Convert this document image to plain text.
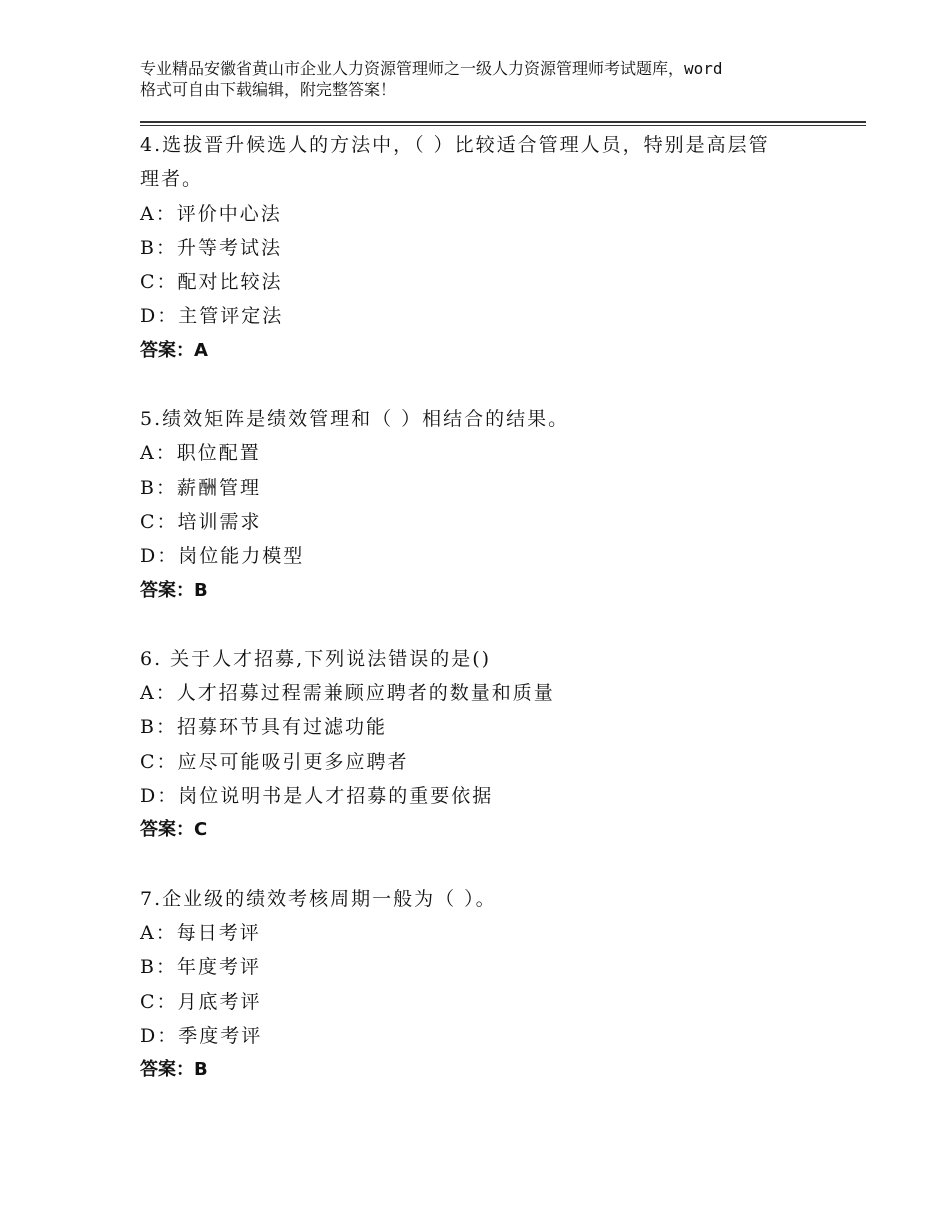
专业精品安徽省黄山市企业人力资源管理师之一级人力资源管理师考试题库，word
格式可自由下载编辑，附完整答案！
4.选拔晋升候选人的方法中，（ ）比较适合管理人员，特别是高层管
理者。
A：评价中心法
B：升等考试法
C：配对比较法
D：主管评定法
答案：A
5.绩效矩阵是绩效管理和（ ）相结合的结果。
A：职位配置
B：薪酬管理
C：培训需求
D：岗位能力模型
答案：B
6. 关于人才招募,下列说法错误的是()
A：人才招募过程需兼顾应聘者的数量和质量
B：招募环节具有过滤功能
C：应尽可能吸引更多应聘者
D：岗位说明书是人才招募的重要依据
答案：C
7.企业级的绩效考核周期一般为（ ）。
A：每日考评
B：年度考评
C：月底考评
D：季度考评
答案：B
